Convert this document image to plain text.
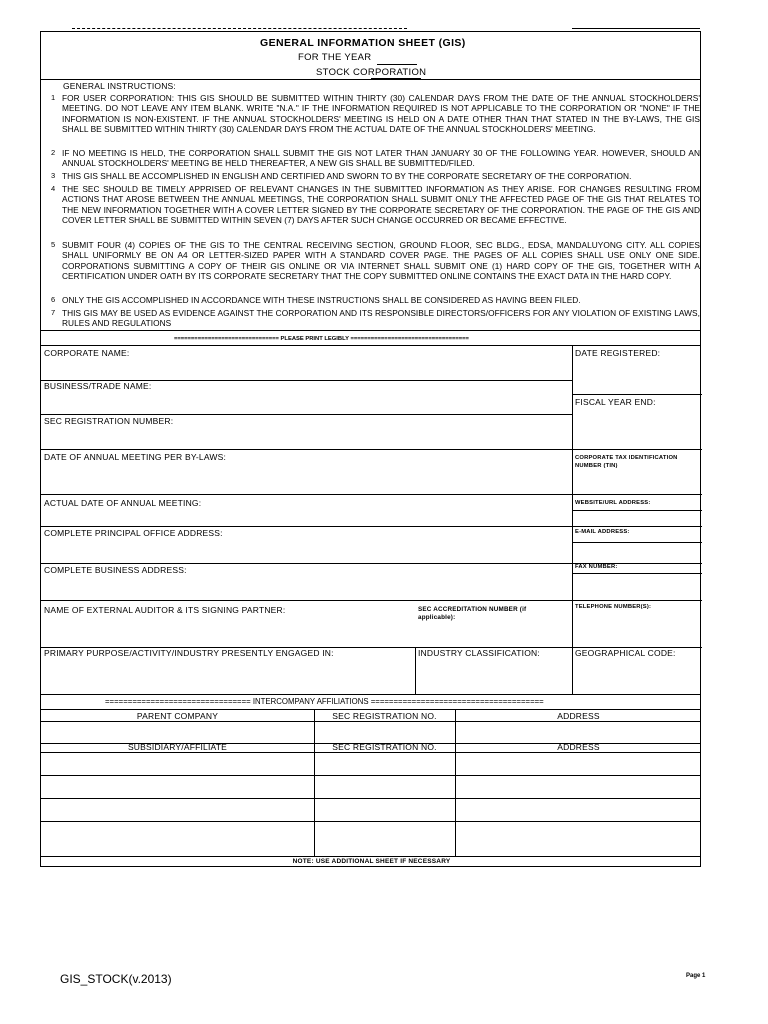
GENERAL INFORMATION SHEET (GIS)
FOR THE YEAR
STOCK CORPORATION
GENERAL INSTRUCTIONS:
1 FOR USER CORPORATION: THIS GIS SHOULD BE SUBMITTED WITHIN THIRTY (30) CALENDAR DAYS FROM THE DATE OF THE ANNUAL STOCKHOLDERS' MEETING. DO NOT LEAVE ANY ITEM BLANK. WRITE "N.A." IF THE INFORMATION REQUIRED IS NOT APPLICABLE TO THE CORPORATION OR "NONE" IF THE INFORMATION IS NON-EXISTENT. IF THE ANNUAL STOCKHOLDERS' MEETING IS HELD ON A DATE OTHER THAN THAT STATED IN THE BY-LAWS, THE GIS SHALL BE SUBMITTED WITHIN THIRTY (30) CALENDAR DAYS FROM THE ACTUAL DATE OF THE ANNUAL STOCKHOLDERS' MEETING.
2 IF NO MEETING IS HELD, THE CORPORATION SHALL SUBMIT THE GIS NOT LATER THAN JANUARY 30 OF THE FOLLOWING YEAR. HOWEVER, SHOULD AN ANNUAL STOCKHOLDERS' MEETING BE HELD THEREAFTER, A NEW GIS SHALL BE SUBMITTED/FILED.
3 THIS GIS SHALL BE ACCOMPLISHED IN ENGLISH AND CERTIFIED AND SWORN TO BY THE CORPORATE SECRETARY OF THE CORPORATION.
4 THE SEC SHOULD BE TIMELY APPRISED OF RELEVANT CHANGES IN THE SUBMITTED INFORMATION AS THEY ARISE. FOR CHANGES RESULTING FROM ACTIONS THAT AROSE BETWEEN THE ANNUAL MEETINGS, THE CORPORATION SHALL SUBMIT ONLY THE AFFECTED PAGE OF THE GIS THAT RELATES TO THE NEW INFORMATION TOGETHER WITH A COVER LETTER SIGNED BY THE CORPORATE SECRETARY OF THE CORPORATION. THE PAGE OF THE GIS AND COVER LETTER SHALL BE SUBMITTED WITHIN SEVEN (7) DAYS AFTER SUCH CHANGE OCCURRED OR BECAME EFFECTIVE.
5 SUBMIT FOUR (4) COPIES OF THE GIS TO THE CENTRAL RECEIVING SECTION, GROUND FLOOR, SEC BLDG., EDSA, MANDALUYONG CITY. ALL COPIES SHALL UNIFORMLY BE ON A4 OR LETTER-SIZED PAPER WITH A STANDARD COVER PAGE. THE PAGES OF ALL COPIES SHALL USE ONLY ONE SIDE. CORPORATIONS SUBMITTING A COPY OF THEIR GIS ONLINE OR VIA INTERNET SHALL SUBMIT ONE (1) HARD COPY OF THE GIS, TOGETHER WITH A CERTIFICATION UNDER OATH BY ITS CORPORATE SECRETARY THAT THE COPY SUBMITTED ONLINE CONTAINS THE EXACT DATA IN THE HARD COPY.
6 ONLY THE GIS ACCOMPLISHED IN ACCORDANCE WITH THESE INSTRUCTIONS SHALL BE CONSIDERED AS HAVING BEEN FILED.
7 THIS GIS MAY BE USED AS EVIDENCE AGAINST THE CORPORATION AND ITS RESPONSIBLE DIRECTORS/OFFICERS FOR ANY VIOLATION OF EXISTING LAWS, RULES AND REGULATIONS
=============================== PLEASE PRINT LEGIBLY ===================================
CORPORATE NAME:
BUSINESS/TRADE NAME:
SEC REGISTRATION NUMBER:
DATE OF ANNUAL MEETING PER BY-LAWS:
ACTUAL DATE OF ANNUAL MEETING:
COMPLETE PRINCIPAL OFFICE ADDRESS:
COMPLETE BUSINESS ADDRESS:
NAME OF EXTERNAL AUDITOR & ITS SIGNING PARTNER:	SEC ACCREDITATION NUMBER (if applicable):
PRIMARY PURPOSE/ACTIVITY/INDUSTRY PRESENTLY ENGAGED IN:	INDUSTRY CLASSIFICATION:
DATE REGISTERED:
FISCAL YEAR END:
CORPORATE TAX IDENTIFICATION NUMBER (TIN)
WEBSITE/URL ADDRESS:
E-MAIL ADDRESS:
FAX NUMBER:
TELEPHONE NUMBER(S):
GEOGRAPHICAL CODE:
================================ INTERCOMPANY AFFILIATIONS ======================================
PARENT COMPANY	SEC REGISTRATION NO.	ADDRESS
SUBSIDIARY/AFFILIATE	SEC REGISTRATION NO.	ADDRESS
NOTE: USE ADDITIONAL SHEET IF NECESSARY
GIS_STOCK(v.2013)	Page 1
